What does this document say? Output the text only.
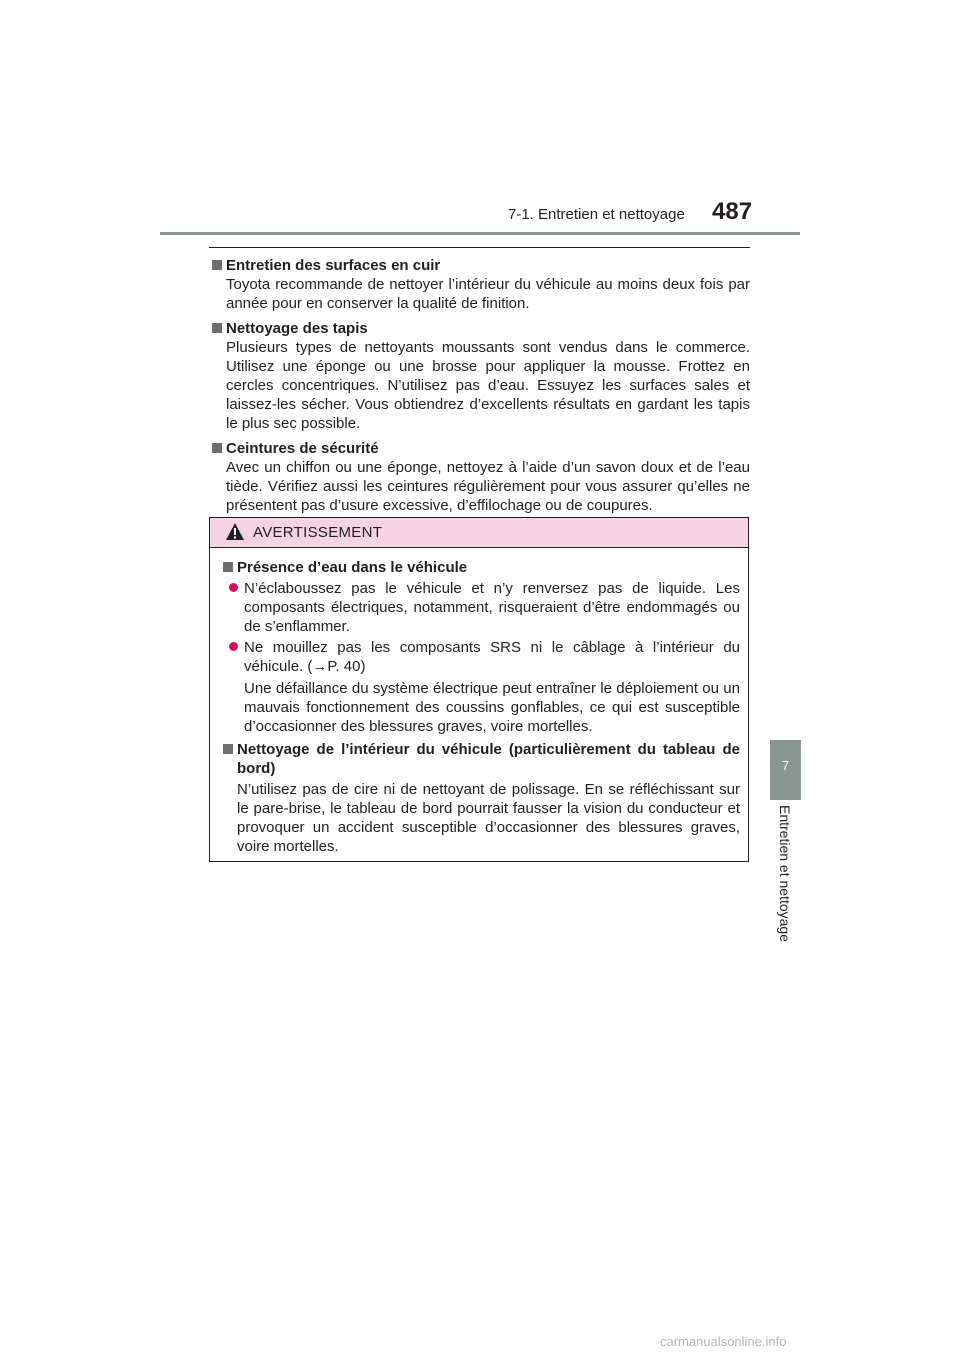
7-1. Entretien et nettoyage 487
7
Entretien et nettoyage
Entretien des surfaces en cuir
Toyota recommande de nettoyer l’intérieur du véhicule au moins deux fois par année pour en conserver la qualité de finition.
Nettoyage des tapis
Plusieurs types de nettoyants moussants sont vendus dans le commerce. Utilisez une éponge ou une brosse pour appliquer la mousse. Frottez en cercles concentriques. N’utilisez pas d’eau. Essuyez les surfaces sales et laissez-les sécher. Vous obtiendrez d’excellents résultats en gardant les tapis le plus sec possible.
Ceintures de sécurité
Avec un chiffon ou une éponge, nettoyez à l’aide d’un savon doux et de l’eau tiède. Vérifiez aussi les ceintures régulièrement pour vous assurer qu’elles ne présentent pas d’usure excessive, d’effilochage ou de coupures.
AVERTISSEMENT
Présence d’eau dans le véhicule
N’éclaboussez pas le véhicule et n’y renversez pas de liquide. Les composants électriques, notamment, risqueraient d’être endommagés ou de s’enflammer.
Ne mouillez pas les composants SRS ni le câblage à l’intérieur du véhicule. (→P. 40)
Une défaillance du système électrique peut entraîner le déploiement ou un mauvais fonctionnement des coussins gonflables, ce qui est susceptible d’occasionner des blessures graves, voire mortelles.
Nettoyage de l’intérieur du véhicule (particulièrement du tableau de bord)
N’utilisez pas de cire ni de nettoyant de polissage. En se réfléchissant sur le pare-brise, le tableau de bord pourrait fausser la vision du conducteur et provoquer un accident susceptible d’occasionner des blessures graves, voire mortelles.
carmanualsonline.info
